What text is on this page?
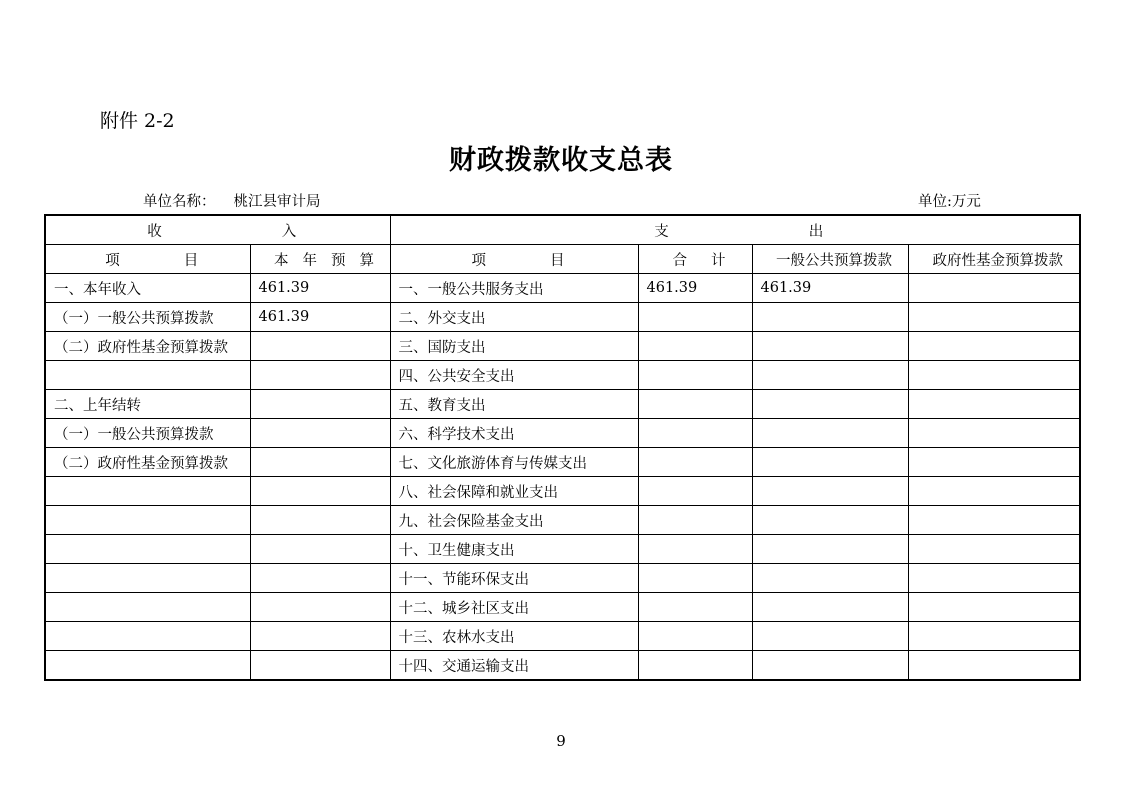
附件 2-2
财政拨款收支总表
单位名称： 桃江县审计局	单位:万元
收 入		支 出			
项 目	本 年 预 算	项 目	合 计	一般公共预算拨款	政府性基金预算拨款
一、本年收入	461.39	一、一般公共服务支出	461.39	461.39	
（一）一般公共预算拨款	461.39	二、外交支出			
（二）政府性基金预算拨款		三、国防支出			
		四、公共安全支出			
二、上年结转		五、教育支出			
（一）一般公共预算拨款		六、科学技术支出			
（二）政府性基金预算拨款		七、文化旅游体育与传媒支出			
		八、社会保障和就业支出			
		九、社会保险基金支出			
		十、卫生健康支出			
		十一、节能环保支出			
		十二、城乡社区支出			
		十三、农林水支出			
		十四、交通运输支出			
9
